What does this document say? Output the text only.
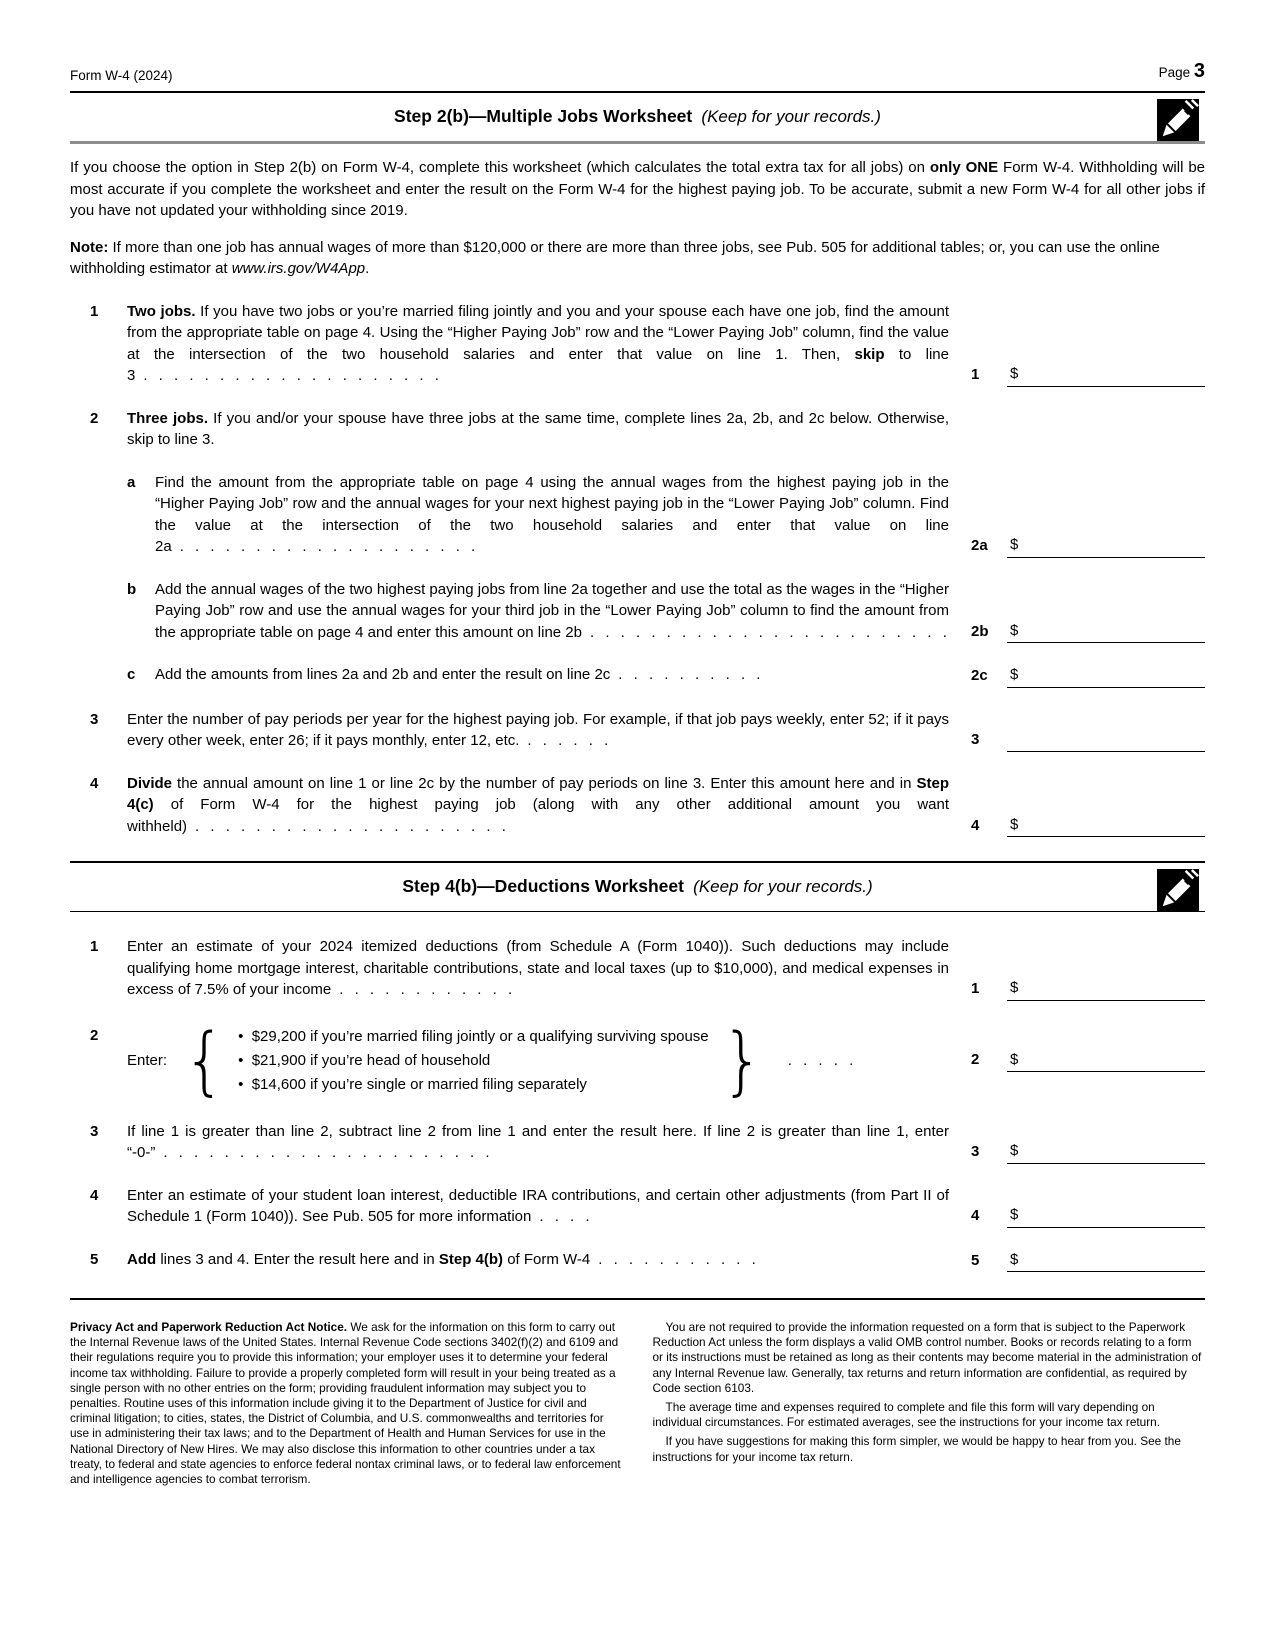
Form W-4 (2024)	Page 3
Step 2(b)—Multiple Jobs Worksheet (Keep for your records.)

If you choose the option in Step 2(b) on Form W-4, complete this worksheet (which calculates the total extra tax for all jobs) on only ONE Form W-4. Withholding will be most accurate if you complete the worksheet and enter the result on the Form W-4 for the highest paying job. To be accurate, submit a new Form W-4 for all other jobs if you have not updated your withholding since 2019.

Note: If more than one job has annual wages of more than $120,000 or there are more than three jobs, see Pub. 505 for additional tables; or, you can use the online withholding estimator at www.irs.gov/W4App.

1	Two jobs. If you have two jobs or you’re married filing jointly and you and your spouse each have one job, find the amount from the appropriate table on page 4. Using the “Higher Paying Job” row and the “Lower Paying Job” column, find the value at the intersection of the two household salaries and enter that value on line 1. Then, skip to line 3 . . . . . . . . . . . . . . . . . . . .	1	$
2	Three jobs. If you and/or your spouse have three jobs at the same time, complete lines 2a, 2b, and 2c below. Otherwise, skip to line 3.
a	Find the amount from the appropriate table on page 4 using the annual wages from the highest paying job in the “Higher Paying Job” row and the annual wages for your next highest paying job in the “Lower Paying Job” column. Find the value at the intersection of the two household salaries and enter that value on line 2a . . . . . . . . . . . . . . . . . . . .	2a	$
b	Add the annual wages of the two highest paying jobs from line 2a together and use the total as the wages in the “Higher Paying Job” row and use the annual wages for your third job in the “Lower Paying Job” column to find the amount from the appropriate table on page 4 and enter this amount on line 2b . . . . . . . . . . . . . . . . . . . . . . . .	2b	$
c	Add the amounts from lines 2a and 2b and enter the result on line 2c . . . . . . . . . .	2c	$
3	Enter the number of pay periods per year for the highest paying job. For example, if that job pays weekly, enter 52; if it pays every other week, enter 26; if it pays monthly, enter 12, etc. . . . . . .	3
4	Divide the annual amount on line 1 or line 2c by the number of pay periods on line 3. Enter this amount here and in Step 4(c) of Form W-4 for the highest paying job (along with any other additional amount you want withheld) . . . . . . . . . . . . . . . . . . . . .	4	$
Step 4(b)—Deductions Worksheet (Keep for your records.)
1	Enter an estimate of your 2024 itemized deductions (from Schedule A (Form 1040)). Such deductions may include qualifying home mortgage interest, charitable contributions, state and local taxes (up to $10,000), and medical expenses in excess of 7.5% of your income . . . . . . . . . . . .	1	$
2
Enter: {	•  $29,200 if you’re married filing jointly or a qualifying surviving spouse
•  $21,900 if you’re head of household
•  $14,600 if you’re single or married filing separately	}	. . . . .	2	$
3	If line 1 is greater than line 2, subtract line 2 from line 1 and enter the result here. If line 2 is greater than line 1, enter “-0-” . . . . . . . . . . . . . . . . . . . . . .	3	$
4	Enter an estimate of your student loan interest, deductible IRA contributions, and certain other adjustments (from Part II of Schedule 1 (Form 1040)). See Pub. 505 for more information . . . .	4	$
5	Add lines 3 and 4. Enter the result here and in Step 4(b) of Form W-4 . . . . . . . . . . .	5	$

Privacy Act and Paperwork Reduction Act Notice. We ask for the information on this form to carry out the Internal Revenue laws of the United States. Internal Revenue Code sections 3402(f)(2) and 6109 and their regulations require you to provide this information; your employer uses it to determine your federal income tax withholding. Failure to provide a properly completed form will result in your being treated as a single person with no other entries on the form; providing fraudulent information may subject you to penalties. Routine uses of this information include giving it to the Department of Justice for civil and criminal litigation; to cities, states, the District of Columbia, and U.S. commonwealths and territories for use in administering their tax laws; and to the Department of Health and Human Services for use in the National Directory of New Hires. We may also disclose this information to other countries under a tax treaty, to federal and state agencies to enforce federal nontax criminal laws, or to federal law enforcement and intelligence agencies to combat terrorism.

You are not required to provide the information requested on a form that is subject to the Paperwork Reduction Act unless the form displays a valid OMB control number. Books or records relating to a form or its instructions must be retained as long as their contents may become material in the administration of any Internal Revenue law. Generally, tax returns and return information are confidential, as required by Code section 6103.

The average time and expenses required to complete and file this form will vary depending on individual circumstances. For estimated averages, see the instructions for your income tax return.

If you have suggestions for making this form simpler, we would be happy to hear from you. See the instructions for your income tax return.
